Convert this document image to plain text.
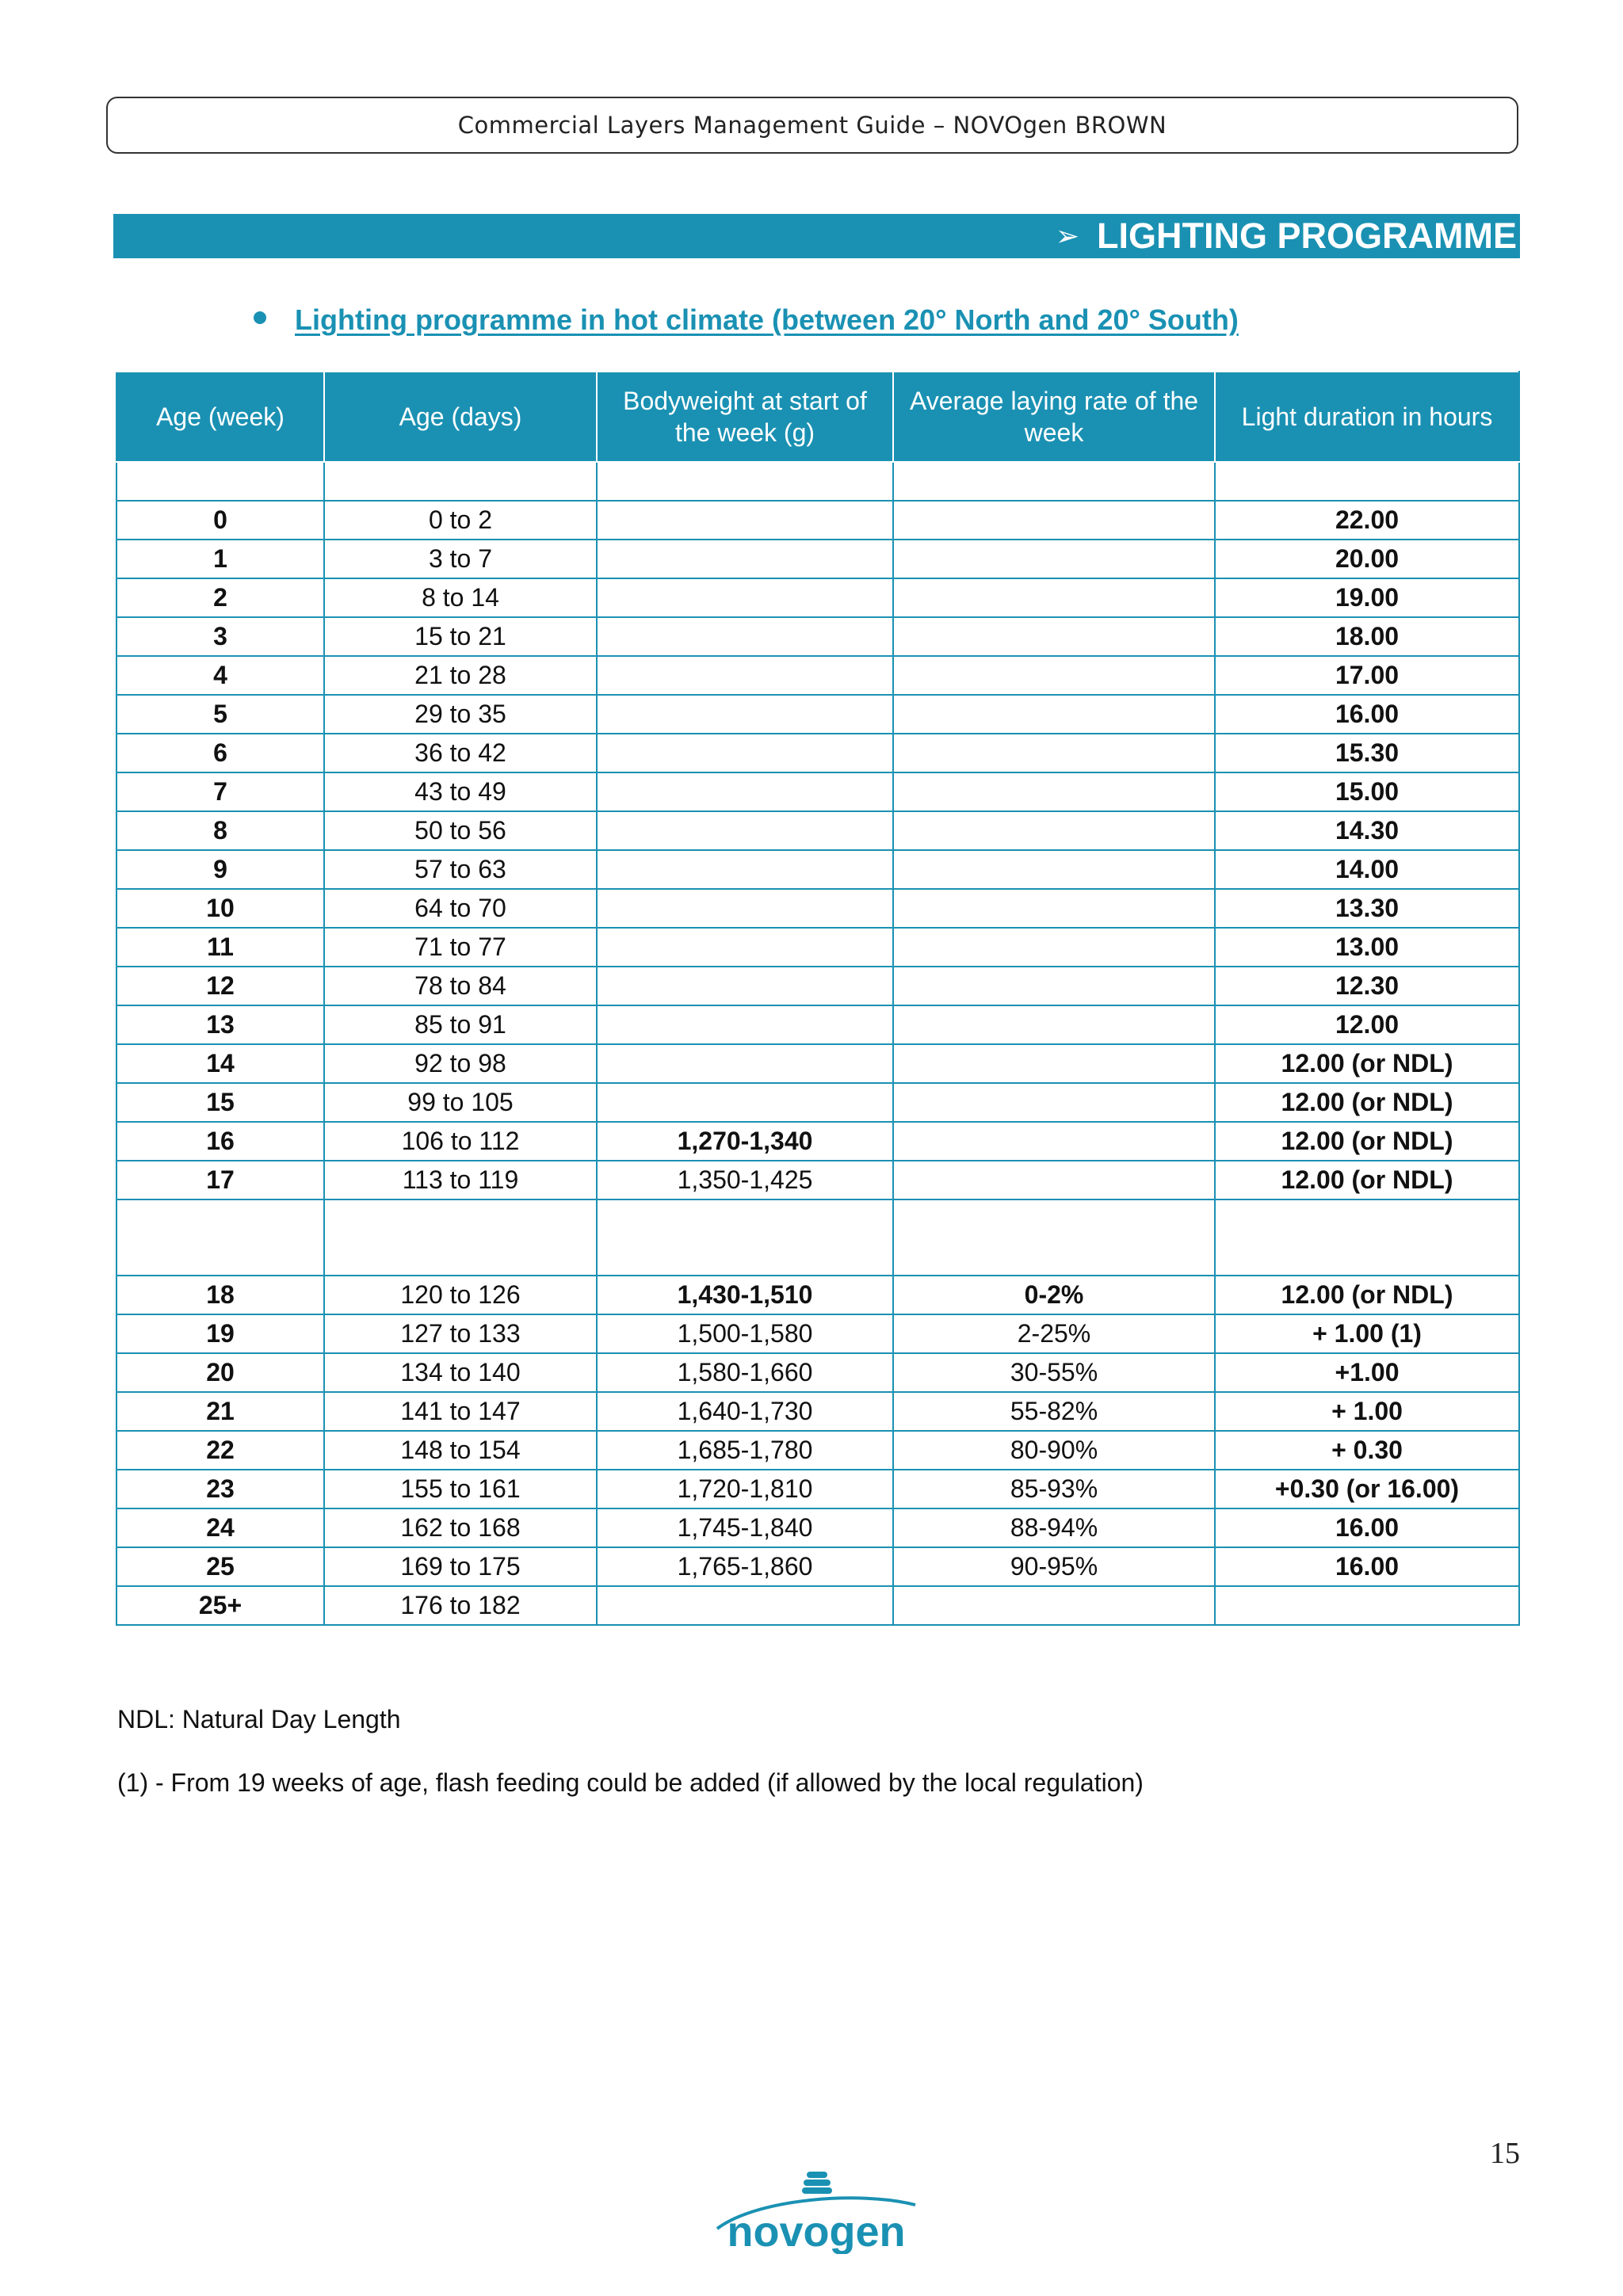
Commercial Layers Management Guide – NOVOgen BROWN
➢ LIGHTING PROGRAMME
Lighting programme in hot climate (between 20° North and 20° South)
Age (week)	Age (days)	Bodyweight at start of the week (g)	Average laying rate of the week	Light duration in hours

0	0 to 2			22.00
1	3 to 7			20.00
2	8 to 14			19.00
3	15 to 21			18.00
4	21 to 28			17.00
5	29 to 35			16.00
6	36 to 42			15.30
7	43 to 49			15.00
8	50 to 56			14.30
9	57 to 63			14.00
10	64 to 70			13.30
11	71 to 77			13.00
12	78 to 84			12.30
13	85 to 91			12.00
14	92 to 98			12.00 (or NDL)
15	99 to 105			12.00 (or NDL)
16	106 to 112	1,270-1,340		12.00 (or NDL)
17	113 to 119	1,350-1,425		12.00 (or NDL)

18	120 to 126	1,430-1,510	0-2%	12.00 (or NDL)
19	127 to 133	1,500-1,580	2-25%	+ 1.00 (1)
20	134 to 140	1,580-1,660	30-55%	+1.00
21	141 to 147	1,640-1,730	55-82%	+ 1.00
22	148 to 154	1,685-1,780	80-90%	+ 0.30
23	155 to 161	1,720-1,810	85-93%	+0.30 (or 16.00)
24	162 to 168	1,745-1,840	88-94%	16.00
25	169 to 175	1,765-1,860	90-95%	16.00
25+	176 to 182			
NDL: Natural Day Length
(1) - From 19 weeks of age, flash feeding could be added (if allowed by the local regulation)
15
novogen
